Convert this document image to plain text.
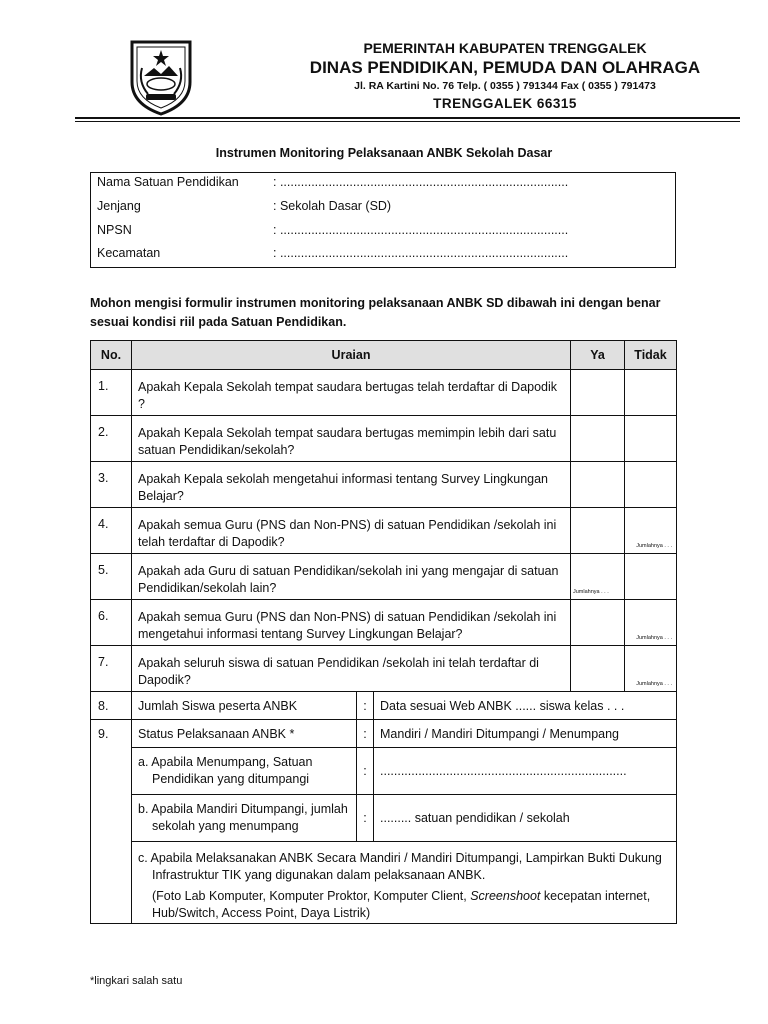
PEMERINTAH KABUPATEN TRENGGALEK
DINAS PENDIDIKAN, PEMUDA DAN OLAHRAGA
Jl. RA Kartini No. 76 Telp. ( 0355 ) 791344 Fax ( 0355 ) 791473
TRENGGALEK 66315
Instrumen Monitoring Pelaksanaan ANBK Sekolah Dasar
Nama Satuan Pendidikan	: ...................................................................................
Jenjang	: Sekolah Dasar (SD)
NPSN	: ...................................................................................
Kecamatan	: ...................................................................................
Mohon mengisi formulir instrumen monitoring pelaksanaan ANBK SD dibawah ini dengan benar sesuai kondisi riil pada Satuan Pendidikan.
No.	Uraian			Ya	Tidak
1.	Apakah Kepala Sekolah tempat saudara bertugas telah terdaftar di Dapodik ?				
2.	Apakah Kepala Sekolah tempat saudara bertugas memimpin lebih dari satu satuan Pendidikan/sekolah?				
3.	Apakah Kepala sekolah mengetahui informasi tentang Survey Lingkungan Belajar?				
4.	Apakah semua Guru (PNS dan Non-PNS) di satuan Pendidikan /sekolah ini telah terdaftar di Dapodik?				Jumlahnya . . .

5.	Apakah ada Guru di satuan Pendidikan/sekolah ini yang mengajar di satuan Pendidikan/sekolah lain?			Jumlahnya . . .	

6.	Apakah semua Guru (PNS dan Non-PNS) di satuan Pendidikan /sekolah ini mengetahui informasi tentang Survey Lingkungan Belajar?				Jumlahnya . . .

7.	Apakah seluruh siswa di satuan Pendidikan /sekolah ini telah terdaftar di Dapodik?				Jumlahnya . . .

8.	Jumlah Siswa peserta ANBK	:	Data sesuai Web ANBK ...... siswa kelas . . .		
9.	Status Pelaksanaan ANBK *	:	Mandiri / Mandiri Ditumpangi / Menumpang		

	a. Apabila Menumpang, Satuan Pendidikan yang ditumpangi	:	.......................................................................		

	b. Apabila Mandiri Ditumpangi, jumlah sekolah yang menumpang	:	......... satuan pendidikan / sekolah		

	c. Apabila Melaksanakan ANBK Secara Mandiri / Mandiri Ditumpangi, Lampirkan Bukti Dukung Infrastruktur TIK yang digunakan dalam pelaksanaan ANBK.
(Foto Lab Komputer, Komputer Proktor, Komputer Client, Screenshoot kecepatan internet, Hub/Switch, Access Point, Daya Listrik)				
*lingkari salah satu
